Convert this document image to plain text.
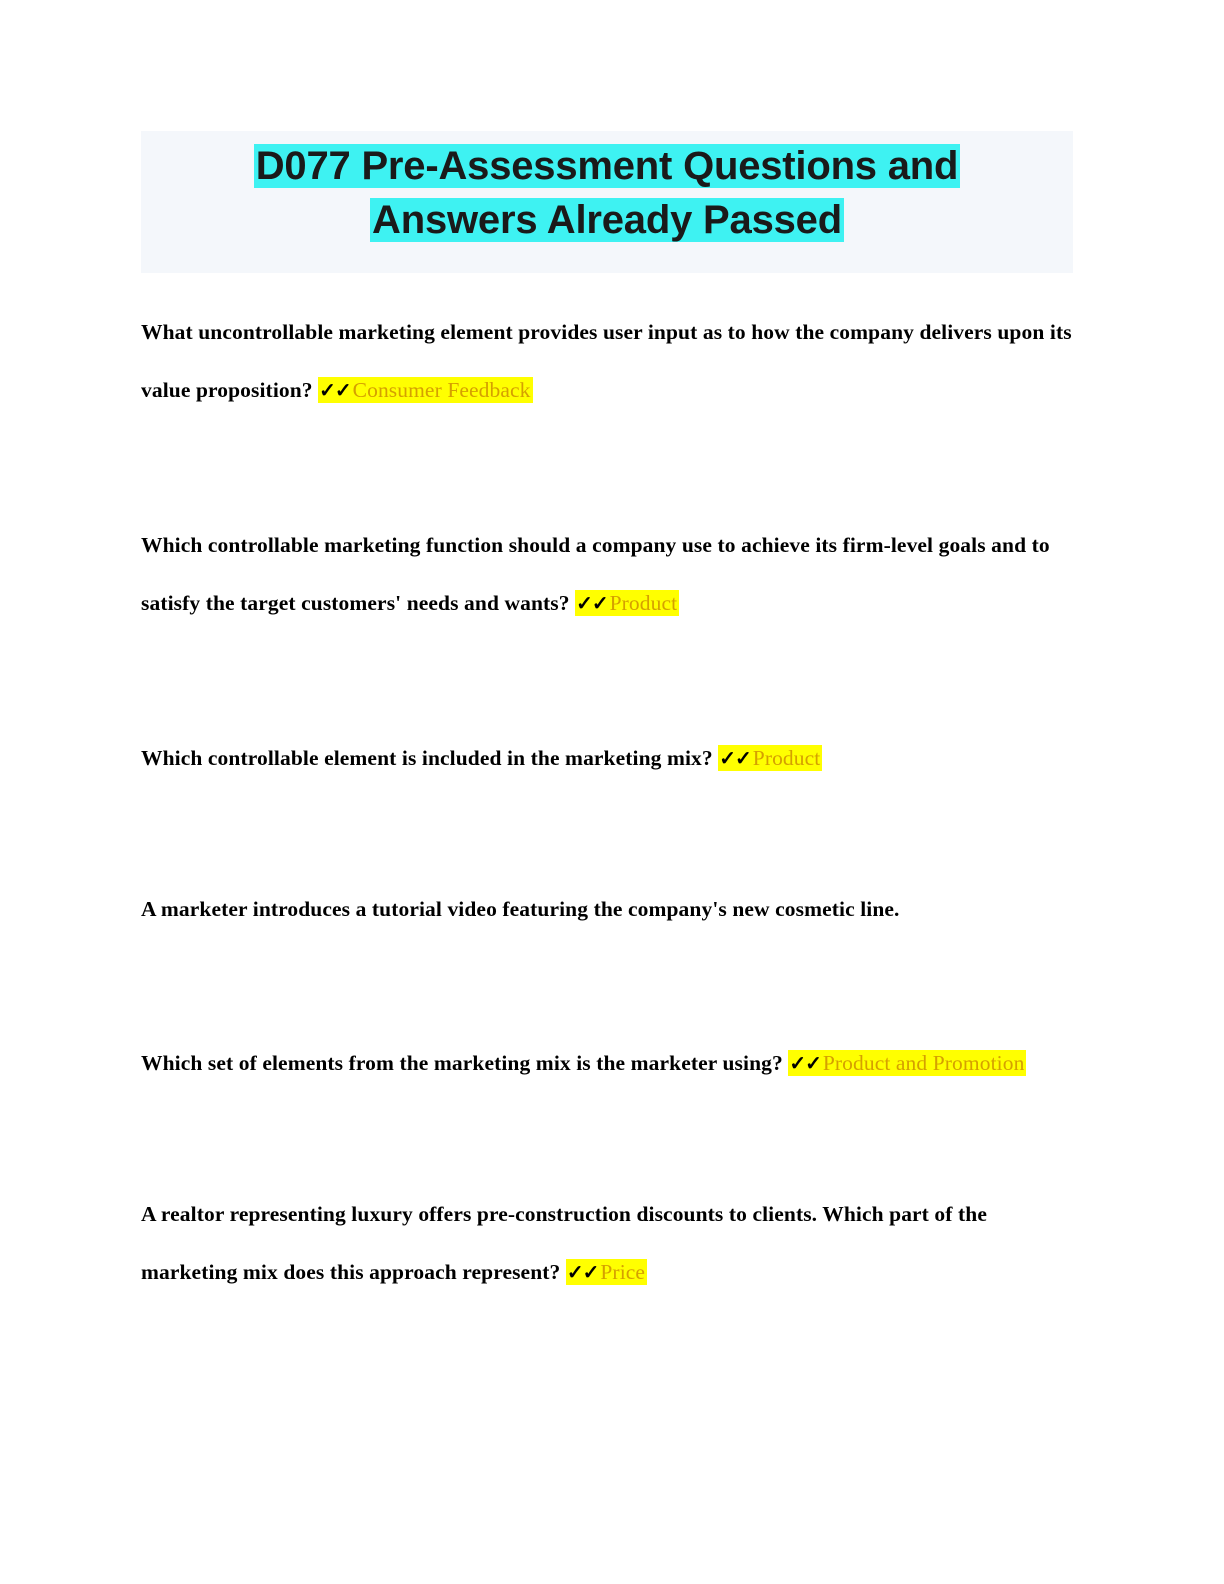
D077 Pre-Assessment Questions and
Answers Already Passed
What uncontrollable marketing element provides user input as to how the company delivers upon its value proposition? ✓✓Consumer Feedback
Which controllable marketing function should a company use to achieve its firm-level goals and to satisfy the target customers' needs and wants? ✓✓Product
Which controllable element is included in the marketing mix? ✓✓Product
A marketer introduces a tutorial video featuring the company's new cosmetic line.
Which set of elements from the marketing mix is the marketer using? ✓✓Product and Promotion
A realtor representing luxury offers pre-construction discounts to clients. Which part of the marketing mix does this approach represent? ✓✓Price
